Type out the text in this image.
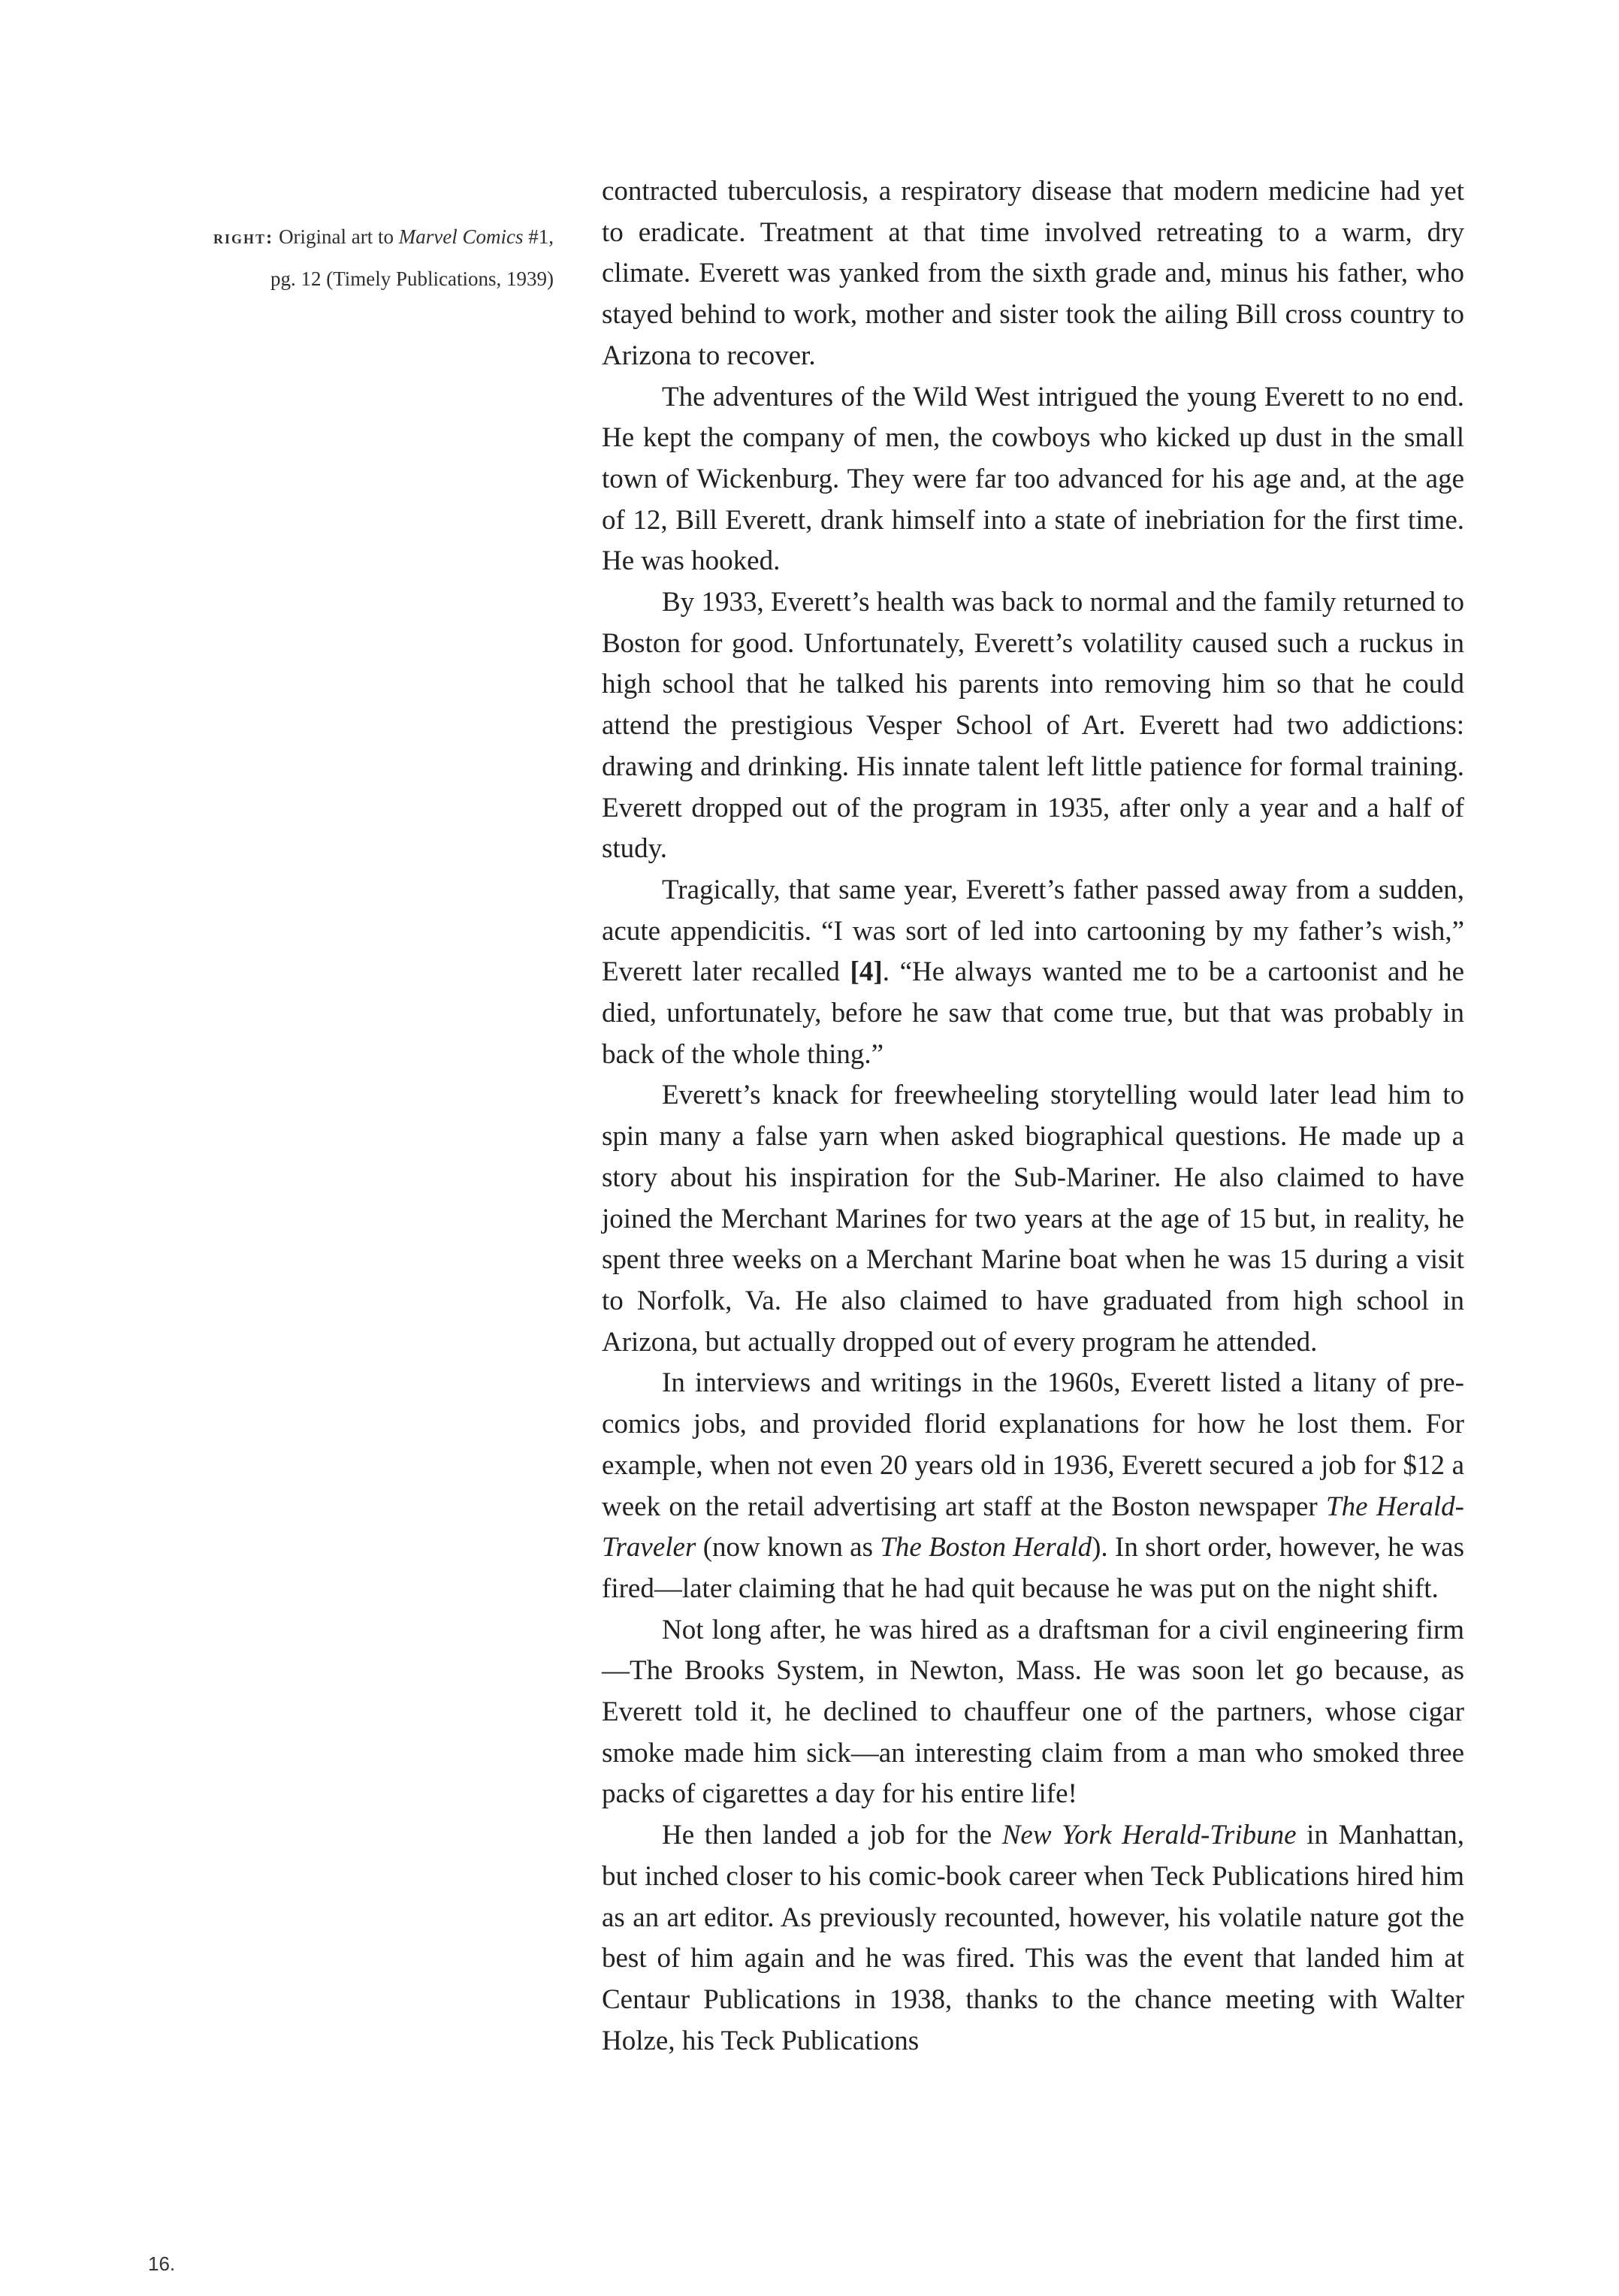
right: Original art to Marvel Comics #1,
pg. 12 (Timely Publications, 1939)

contracted tuberculosis, a respiratory disease that modern medicine had yet to eradicate. Treatment at that time involved retreating to a warm, dry climate. Everett was yanked from the sixth grade and, minus his father, who stayed behind to work, mother and sister took the ailing Bill cross country to Arizona to recover.

The adventures of the Wild West intrigued the young Everett to no end. He kept the company of men, the cowboys who kicked up dust in the small town of Wickenburg. They were far too advanced for his age and, at the age of 12, Bill Everett, drank himself into a state of inebriation for the first time. He was hooked.

By 1933, Everett’s health was back to normal and the family returned to Boston for good. Unfortunately, Everett’s volatility caused such a ruckus in high school that he talked his parents into removing him so that he could attend the prestigious Vesper School of Art. Everett had two addictions: drawing and drinking. His innate talent left little patience for formal training. Everett dropped out of the program in 1935, after only a year and a half of study.

Tragically, that same year, Everett’s father passed away from a sudden, acute appendicitis. “I was sort of led into cartooning by my father’s wish,” Everett later recalled [4]. “He always wanted me to be a cartoonist and he died, unfortunately, before he saw that come true, but that was probably in back of the whole thing.”

Everett’s knack for freewheeling storytelling would later lead him to spin many a false yarn when asked biographical questions. He made up a story about his inspiration for the Sub-Mariner. He also claimed to have joined the Merchant Marines for two years at the age of 15 but, in reality, he spent three weeks on a Merchant Marine boat when he was 15 during a visit to Norfolk, Va. He also claimed to have graduated from high school in Arizona, but actually dropped out of every program he attended.

In interviews and writings in the 1960s, Everett listed a litany of pre-comics jobs, and provided florid explanations for how he lost them. For example, when not even 20 years old in 1936, Everett secured a job for $12 a week on the retail advertising art staff at the Boston newspaper The Herald-Traveler (now known as The Boston Herald). In short order, however, he was fired—later claiming that he had quit because he was put on the night shift.

Not long after, he was hired as a draftsman for a civil engineering firm—The Brooks System, in Newton, Mass. He was soon let go because, as Everett told it, he declined to chauffeur one of the partners, whose cigar smoke made him sick—an interesting claim from a man who smoked three packs of cigarettes a day for his entire life!

He then landed a job for the New York Herald-Tribune in Manhattan, but inched closer to his comic-book career when Teck Publications hired him as an art editor. As previously recounted, however, his volatile nature got the best of him again and he was fired. This was the event that landed him at Centaur Publications in 1938, thanks to the chance meeting with Walter Holze, his Teck Publications

16.
